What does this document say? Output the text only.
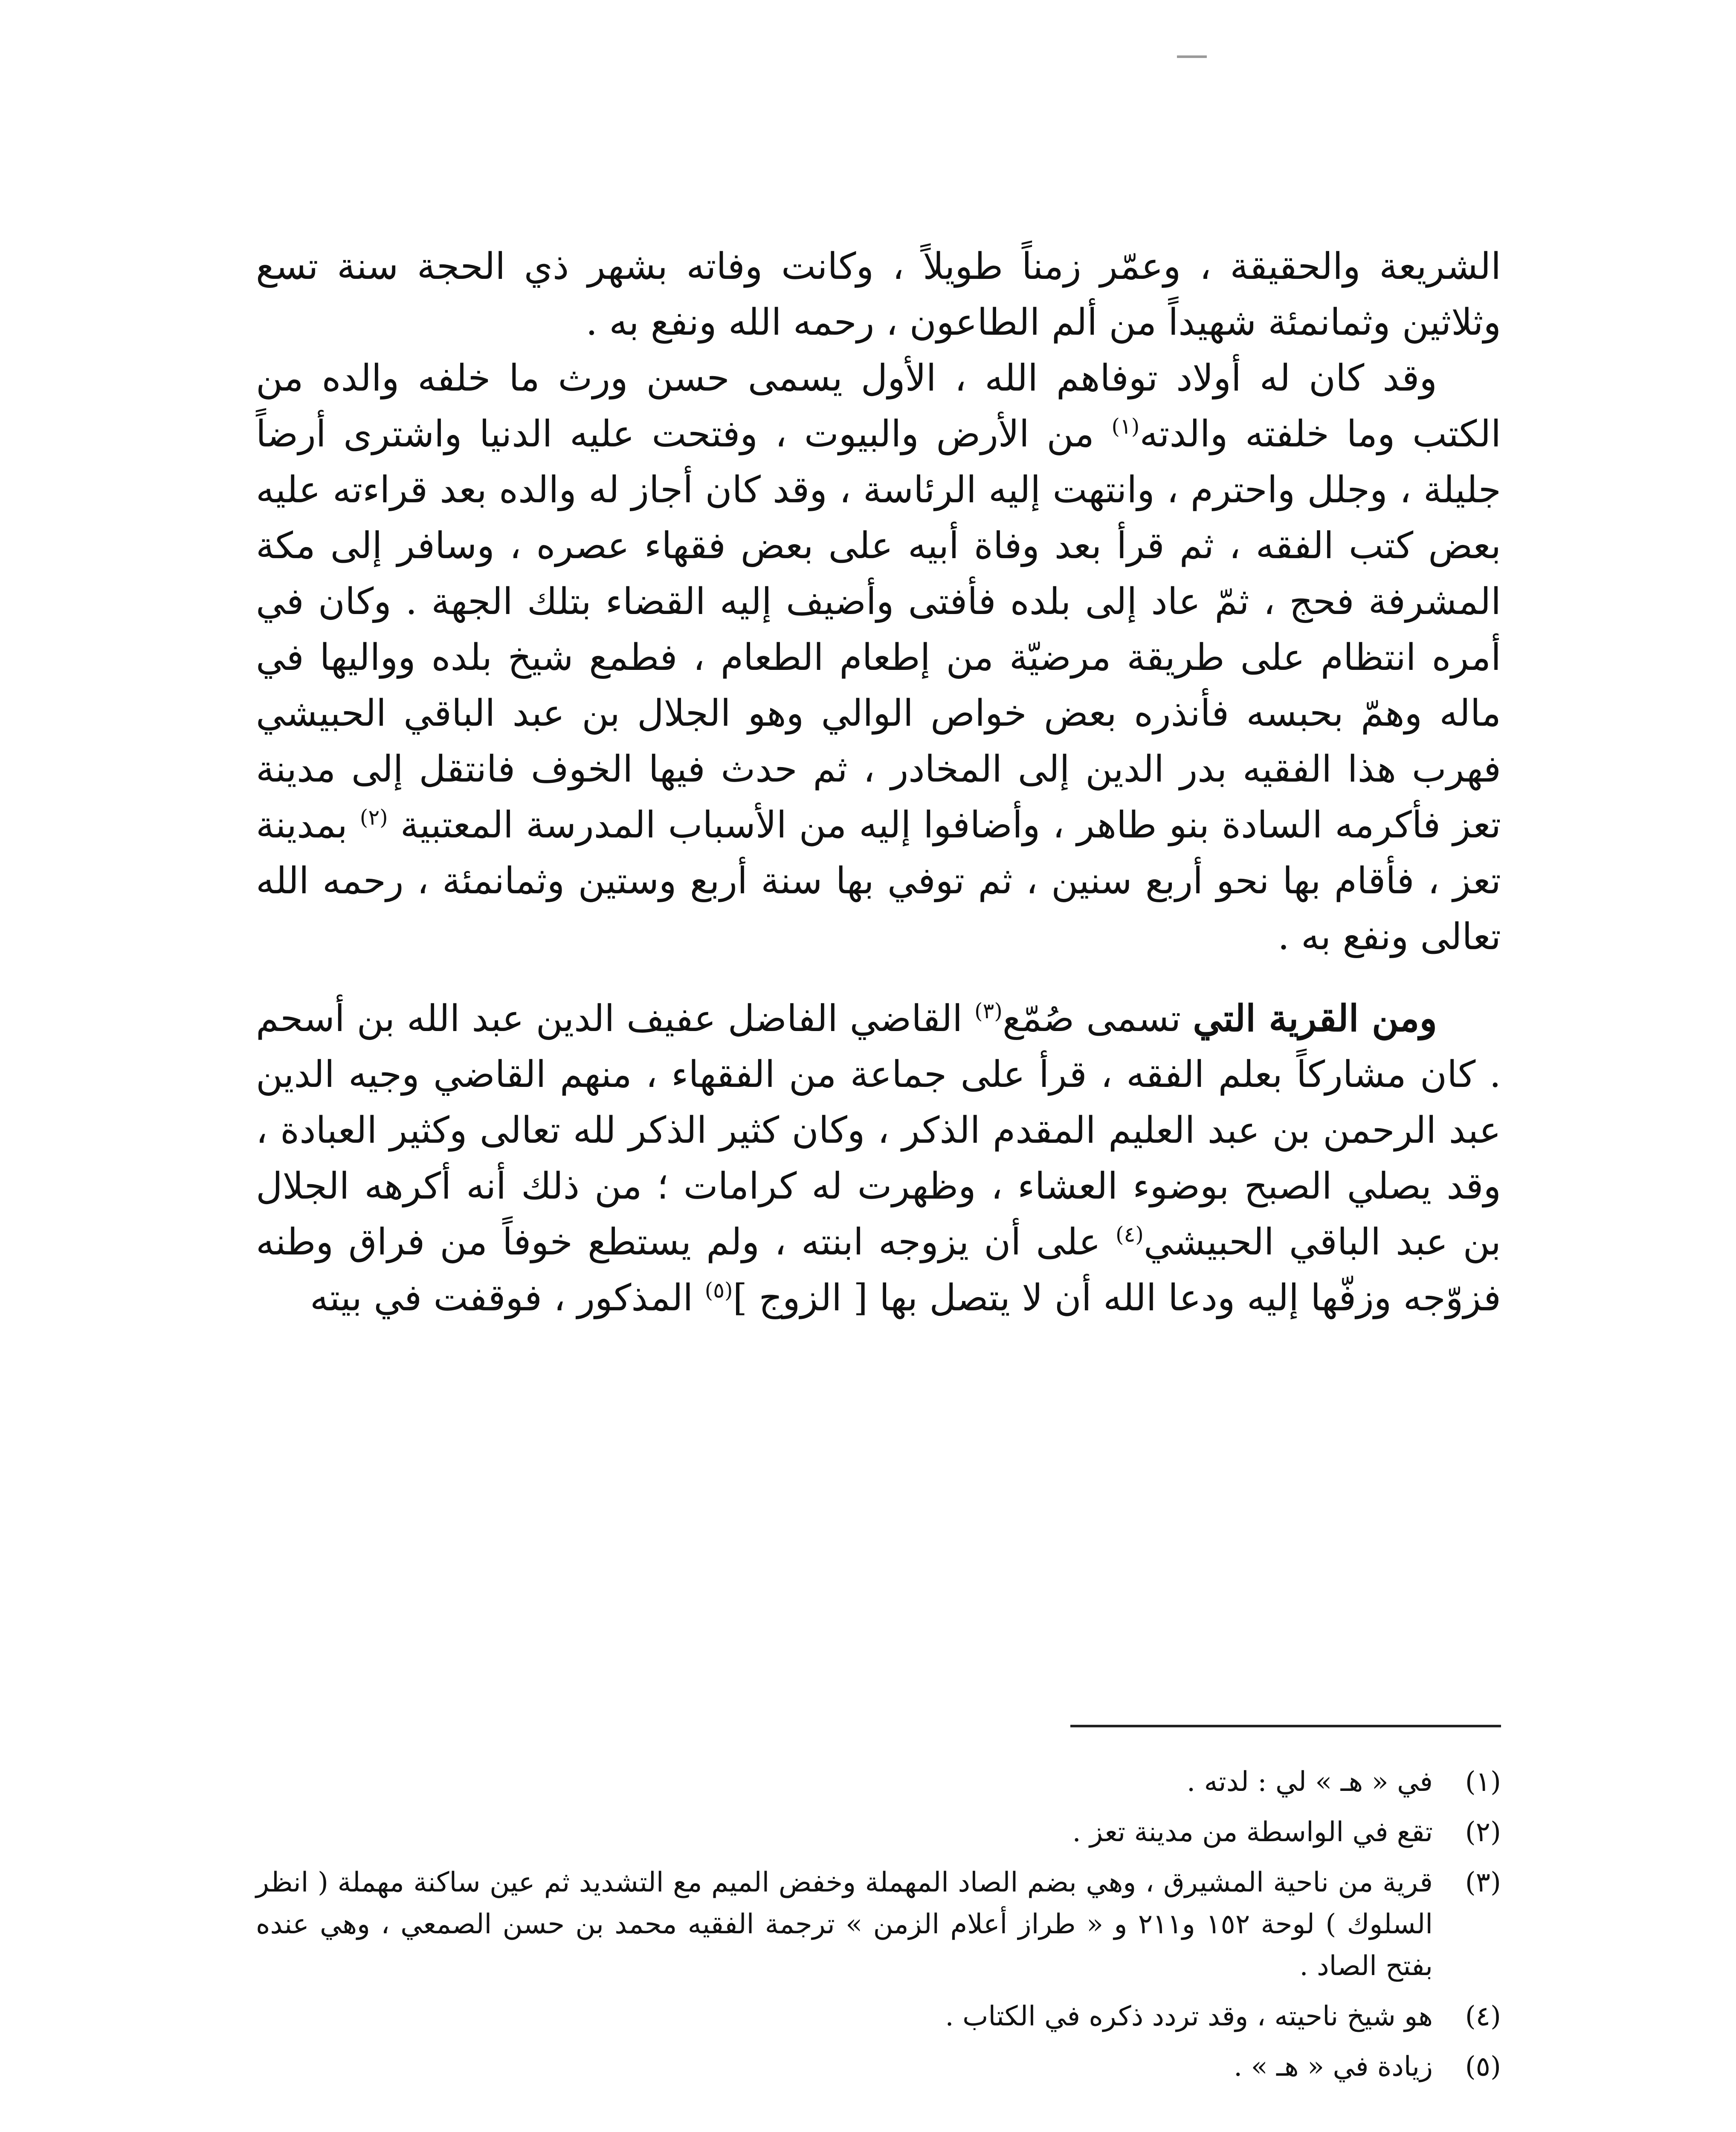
الشريعة والحقيقة ، وعمّر زمناً طويلاً ، وكانت وفاته بشهر ذي الحجة سنة تسع وثلاثين وثمانمئة شهيداً من ألم الطاعون ، رحمه الله ونفع به .

وقد كان له أولاد توفاهم الله ، الأول يسمى حسن ورث ما خلفه والده من الكتب وما خلفته والدته$^{(١)}$ من الأرض والبيوت ، وفتحت عليه الدنيا واشترى أرضاً جليلة ، وجلل واحترم ، وانتهت إليه الرئاسة ، وقد كان أجاز له والده بعد قراءته عليه بعض كتب الفقه ، ثم قرأ بعد وفاة أبيه على بعض فقهاء عصره ، وسافر إلى مكة المشرفة فحج ، ثمّ عاد إلى بلده فأفتى وأضيف إليه القضاء بتلك الجهة . وكان في أمره انتظام على طريقة مرضيّة من إطعام الطعام ، فطمع شيخ بلده وواليها في ماله وهمّ بحبسه فأنذره بعض خواص الوالي وهو الجلال بن عبد الباقي الحبيشي فهرب هذا الفقيه بدر الدين إلى المخادر ، ثم حدث فيها الخوف فانتقل إلى مدينة تعز فأكرمه السادة بنو طاهر ، وأضافوا إليه من الأسباب المدرسة المعتبية $^{(٢)}$ بمدينة تعز ، فأقام بها نحو أربع سنين ، ثم توفي بها سنة أربع وستين وثمانمئة ، رحمه الله تعالى ونفع به .

ومن القرية التي تسمى صُمّع$^{(٣)}$ القاضي الفاضل عفيف الدين عبد الله بن أسحم . كان مشاركاً بعلم الفقه ، قرأ على جماعة من الفقهاء ، منهم القاضي وجيه الدين عبد الرحمن بن عبد العليم المقدم الذكر ، وكان كثير الذكر لله تعالى وكثير العبادة ، وقد يصلي الصبح بوضوء العشاء ، وظهرت له كرامات ؛ من ذلك أنه أكرهه الجلال بن عبد الباقي الحبيشي$^{(٤)}$ على أن يزوجه ابنته ، ولم يستطع خوفاً من فراق وطنه فزوّجه وزفّها إليه ودعا الله أن لا يتصل بها [ الزوج ]$^{(٥)}$ المذكور ، فوقفت في بيته

(١)
في « هـ » لي : لدته .
(٢)
تقع في الواسطة من مدينة تعز .
(٣)
قرية من ناحية المشيرق ، وهي بضم الصاد المهملة وخفض الميم مع التشديد ثم عين ساكنة مهملة ( انظر السلوك ) لوحة ١٥٢ و٢١١ و « طراز أعلام الزمن » ترجمة الفقيه محمد بن حسن الصمعي ، وهي عنده بفتح الصاد .
(٤)
هو شيخ ناحيته ، وقد تردد ذكره في الكتاب .
(٥)
زيادة في « هـ » .
